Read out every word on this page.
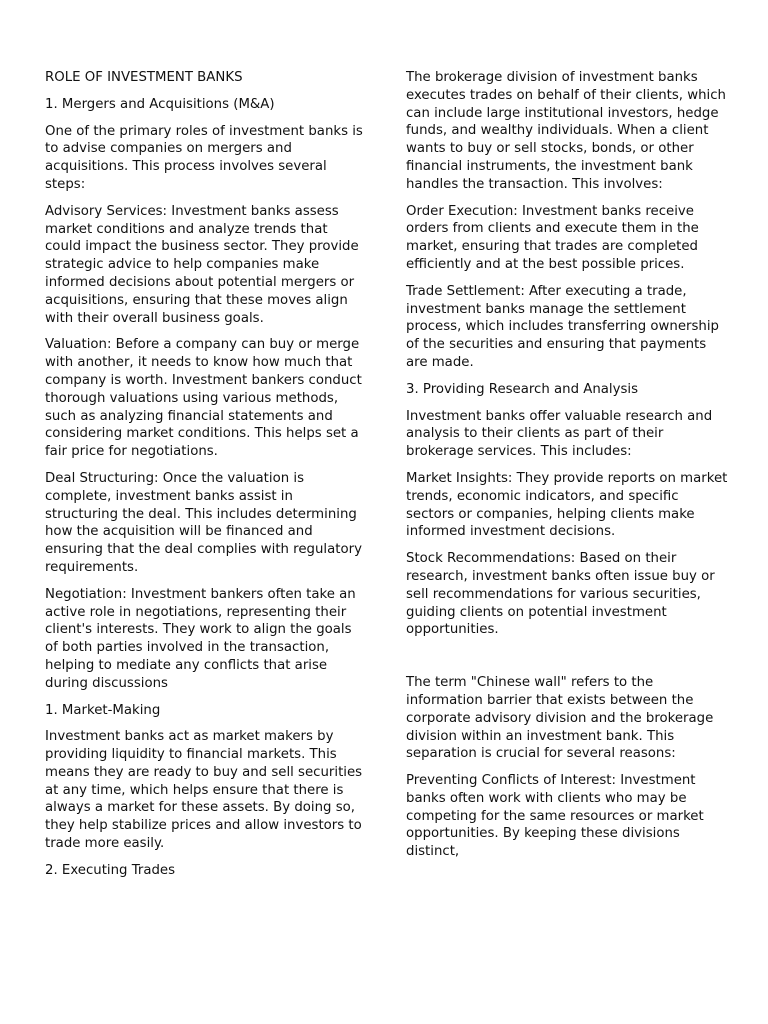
ROLE OF INVESTMENT BANKS

1. Mergers and Acquisitions (M&A)

One of the primary roles of investment banks is to advise companies on mergers and acquisitions. This process involves several steps:

Advisory Services: Investment banks assess market conditions and analyze trends that could impact the business sector. They provide strategic advice to help companies make informed decisions about potential mergers or acquisitions, ensuring that these moves align with their overall business goals.

Valuation: Before a company can buy or merge with another, it needs to know how much that company is worth. Investment bankers conduct thorough valuations using various methods, such as analyzing financial statements and considering market conditions. This helps set a fair price for negotiations.

Deal Structuring: Once the valuation is complete, investment banks assist in structuring the deal. This includes determining how the acquisition will be financed and ensuring that the deal complies with regulatory requirements.

Negotiation: Investment bankers often take an active role in negotiations, representing their client's interests. They work to align the goals of both parties involved in the transaction, helping to mediate any conflicts that arise during discussions

1. Market-Making

Investment banks act as market makers by providing liquidity to financial markets. This means they are ready to buy and sell securities at any time, which helps ensure that there is always a market for these assets. By doing so, they help stabilize prices and allow investors to trade more easily.

2. Executing Trades

The brokerage division of investment banks executes trades on behalf of their clients, which can include large institutional investors, hedge funds, and wealthy individuals. When a client wants to buy or sell stocks, bonds, or other financial instruments, the investment bank handles the transaction. This involves:

Order Execution: Investment banks receive orders from clients and execute them in the market, ensuring that trades are completed efficiently and at the best possible prices.

Trade Settlement: After executing a trade, investment banks manage the settlement process, which includes transferring ownership of the securities and ensuring that payments are made.

3. Providing Research and Analysis

Investment banks offer valuable research and analysis to their clients as part of their brokerage services. This includes:

Market Insights: They provide reports on market trends, economic indicators, and specific sectors or companies, helping clients make informed investment decisions.

Stock Recommendations: Based on their research, investment banks often issue buy or sell recommendations for various securities, guiding clients on potential investment opportunities.

The term "Chinese wall" refers to the information barrier that exists between the corporate advisory division and the brokerage division within an investment bank. This separation is crucial for several reasons:

Preventing Conflicts of Interest: Investment banks often work with clients who may be competing for the same resources or market opportunities. By keeping these divisions distinct,
